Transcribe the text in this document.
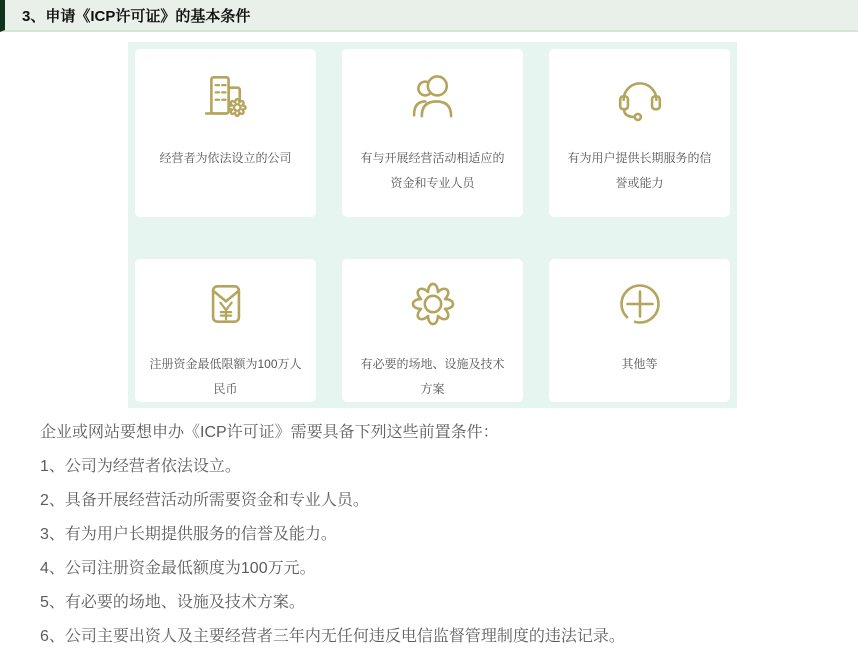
3、申请《ICP许可证》的基本条件
经营者为依法设立的公司	有与开展经营活动相适应的资金和专业人员
有为用户提供长期服务的信誉或能力
注册资金最低限额为100万人民币
有必要的场地、设施及技术方案
其他等

企业或网站要想申办《ICP许可证》需要具备下列这些前置条件：

1、公司为经营者依法设立。

2、具备开展经营活动所需要资金和专业人员。

3、有为用户长期提供服务的信誉及能力。

4、公司注册资金最低额度为100万元。

5、有必要的场地、设施及技术方案。

6、公司主要出资人及主要经营者三年内无任何违反电信监督管理制度的违法记录。
